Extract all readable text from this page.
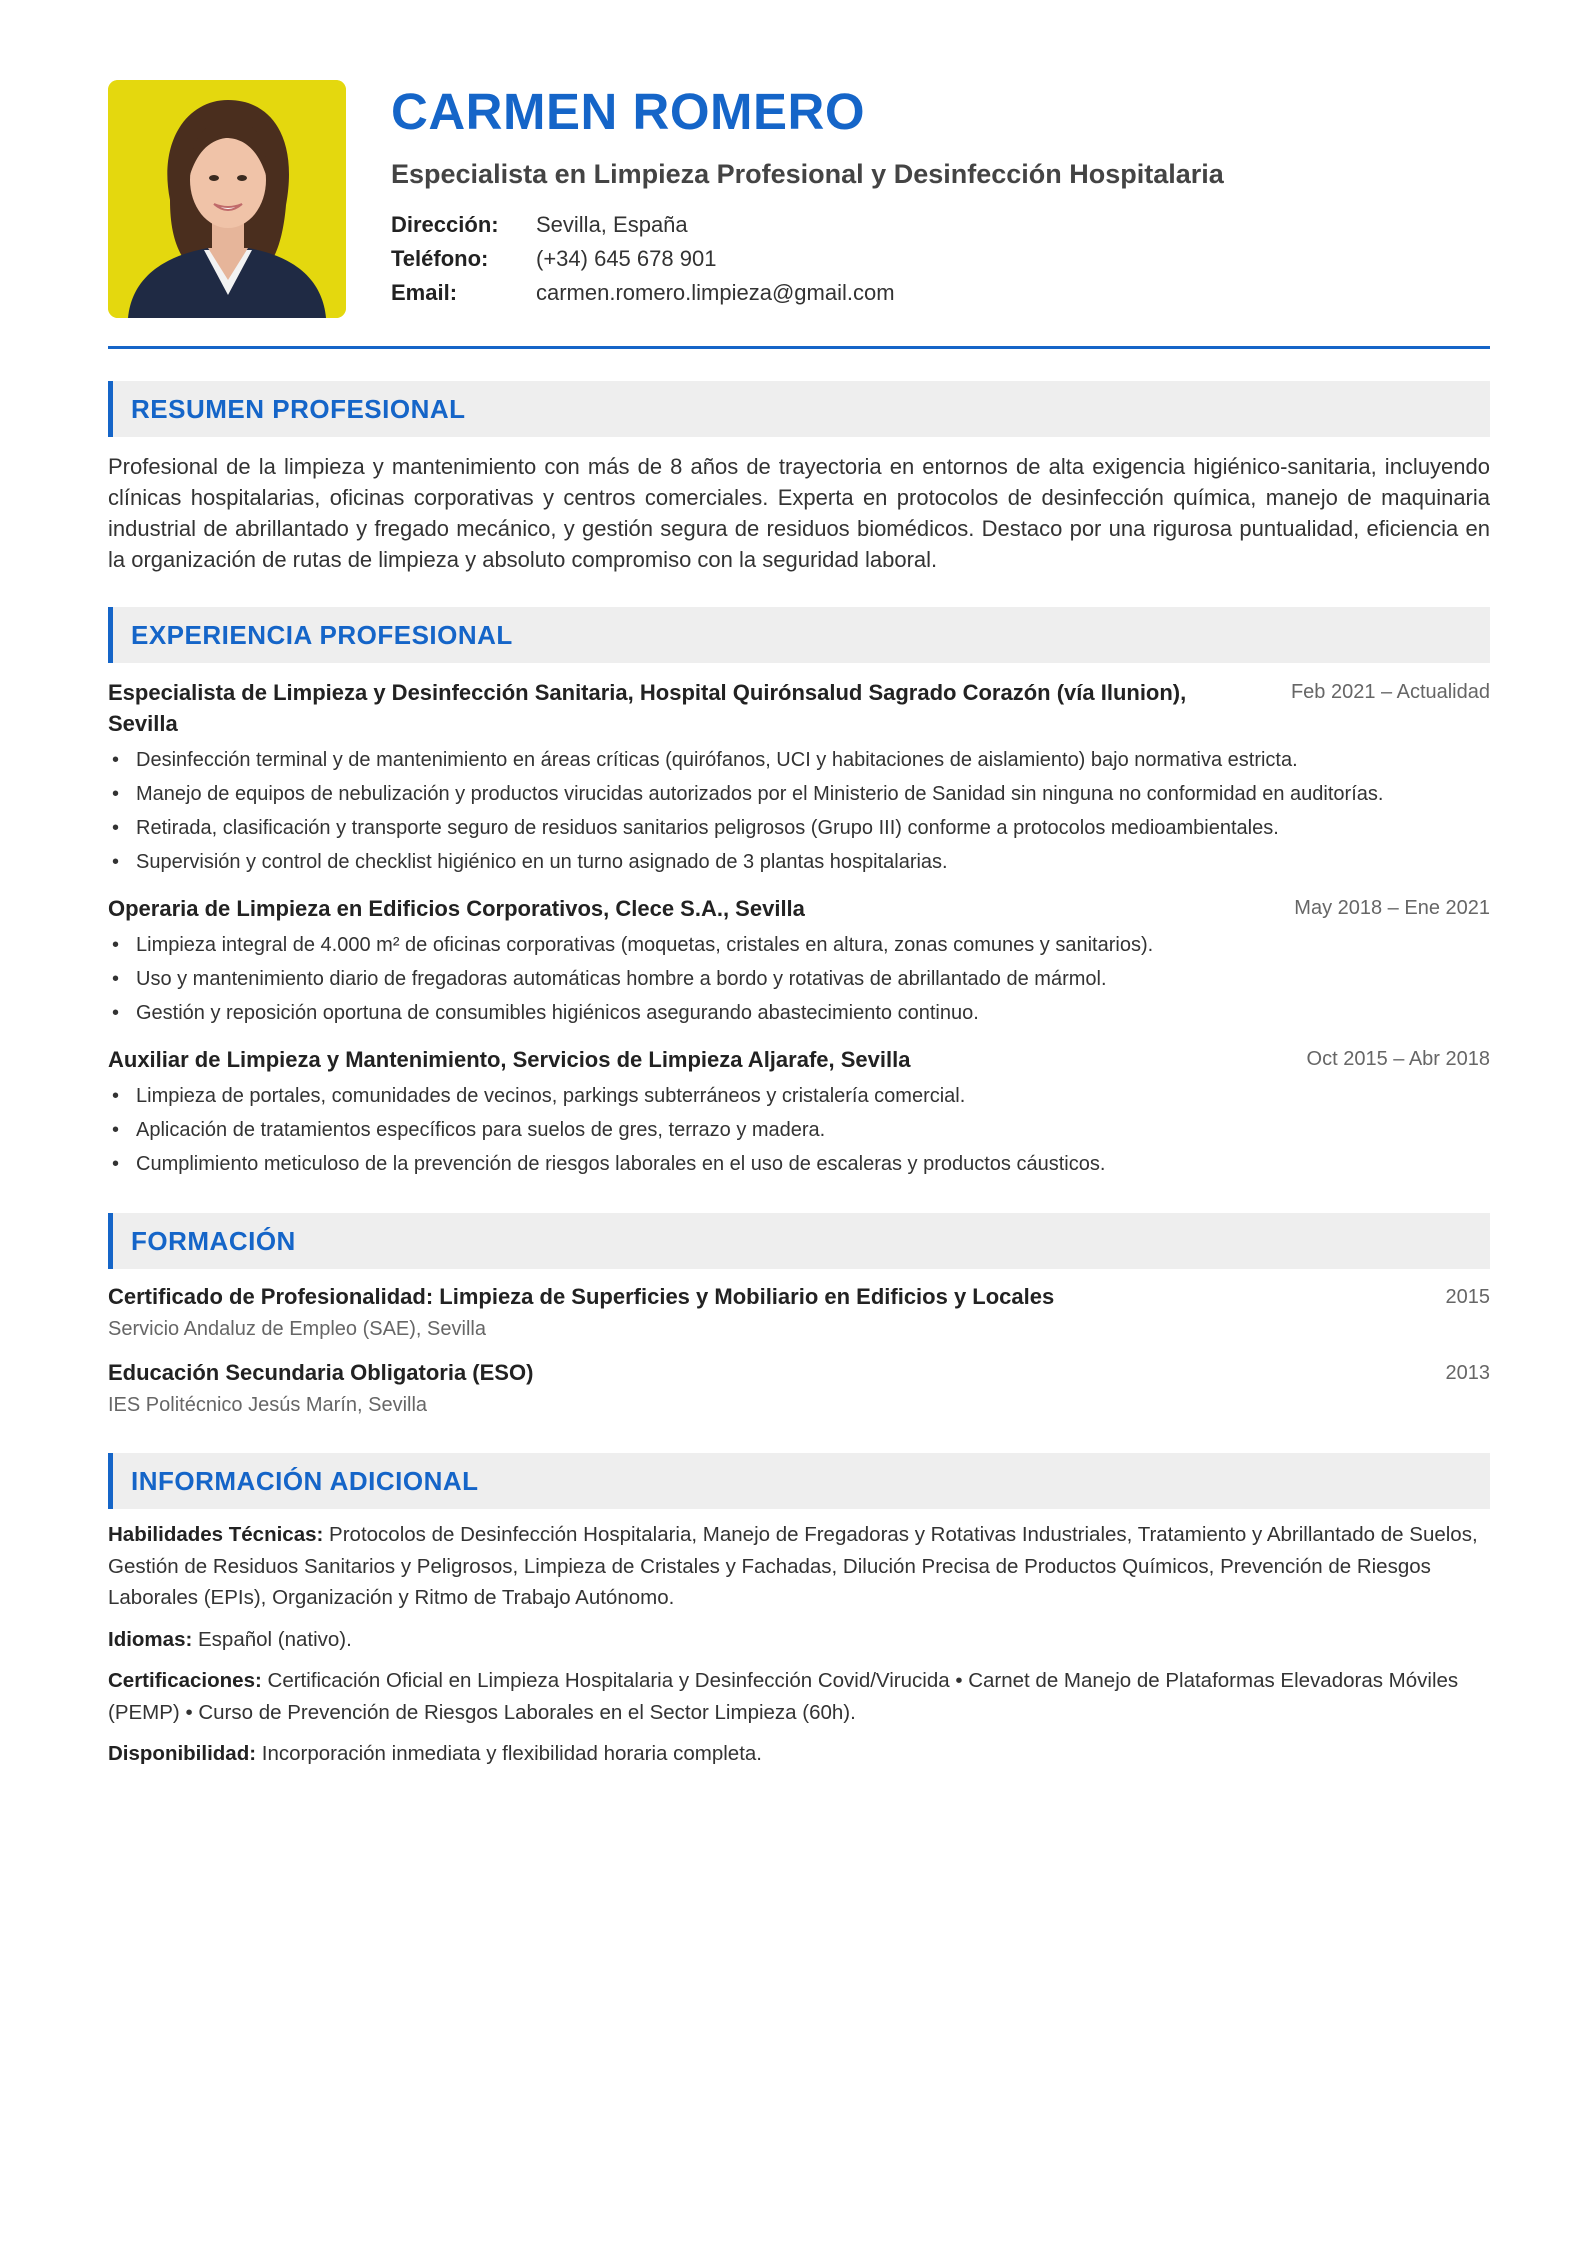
CARMEN ROMERO
Especialista en Limpieza Profesional y Desinfección Hospitalaria
Dirección:	Sevilla, España
Teléfono:	(+34) 645 678 901
Email:	carmen.romero.limpieza@gmail.com
RESUMEN PROFESIONAL

Profesional de la limpieza y mantenimiento con más de 8 años de trayectoria en entornos de alta exigencia higiénico-sanitaria, incluyendo clínicas hospitalarias, oficinas corporativas y centros comerciales. Experta en protocolos de desinfección química, manejo de maquinaria industrial de abrillantado y fregado mecánico, y gestión segura de residuos biomédicos. Destaco por una rigurosa puntualidad, eficiencia en la organización de rutas de limpieza y absoluto compromiso con la seguridad laboral.

EXPERIENCIA PROFESIONAL
Especialista de Limpieza y Desinfección Sanitaria, Hospital Quirónsalud Sagrado Corazón (vía Ilunion), Sevilla
Feb 2021 – Actualidad
• Desinfección terminal y de mantenimiento en áreas críticas (quirófanos, UCI y habitaciones de aislamiento) bajo normativa estricta.
• Manejo de equipos de nebulización y productos virucidas autorizados por el Ministerio de Sanidad sin ninguna no conformidad en auditorías.
• Retirada, clasificación y transporte seguro de residuos sanitarios peligrosos (Grupo III) conforme a protocolos medioambientales.
• Supervisión y control de checklist higiénico en un turno asignado de 3 plantas hospitalarias.
Operaria de Limpieza en Edificios Corporativos, Clece S.A., Sevilla	May 2018 – Ene 2021
• Limpieza integral de 4.000 m² de oficinas corporativas (moquetas, cristales en altura, zonas comunes y sanitarios).
• Uso y mantenimiento diario de fregadoras automáticas hombre a bordo y rotativas de abrillantado de mármol.
• Gestión y reposición oportuna de consumibles higiénicos asegurando abastecimiento continuo.
Auxiliar de Limpieza y Mantenimiento, Servicios de Limpieza Aljarafe, Sevilla	Oct 2015 – Abr 2018
• Limpieza de portales, comunidades de vecinos, parkings subterráneos y cristalería comercial.
• Aplicación de tratamientos específicos para suelos de gres, terrazo y madera.
• Cumplimiento meticuloso de la prevención de riesgos laborales en el uso de escaleras y productos cáusticos.
FORMACIÓN
Certificado de Profesionalidad: Limpieza de Superficies y Mobiliario en Edificios y Locales	2015
Servicio Andaluz de Empleo (SAE), Sevilla
Educación Secundaria Obligatoria (ESO)	2013
IES Politécnico Jesús Marín, Sevilla
INFORMACIÓN ADICIONAL

Habilidades Técnicas: Protocolos de Desinfección Hospitalaria, Manejo de Fregadoras y Rotativas Industriales, Tratamiento y Abrillantado de Suelos, Gestión de Residuos Sanitarios y Peligrosos, Limpieza de Cristales y Fachadas, Dilución Precisa de Productos Químicos, Prevención de Riesgos Laborales (EPIs), Organización y Ritmo de Trabajo Autónomo.

Idiomas: Español (nativo).

Certificaciones: Certificación Oficial en Limpieza Hospitalaria y Desinfección Covid/Virucida • Carnet de Manejo de Plataformas Elevadoras Móviles (PEMP) • Curso de Prevención de Riesgos Laborales en el Sector Limpieza (60h).

Disponibilidad: Incorporación inmediata y flexibilidad horaria completa.
